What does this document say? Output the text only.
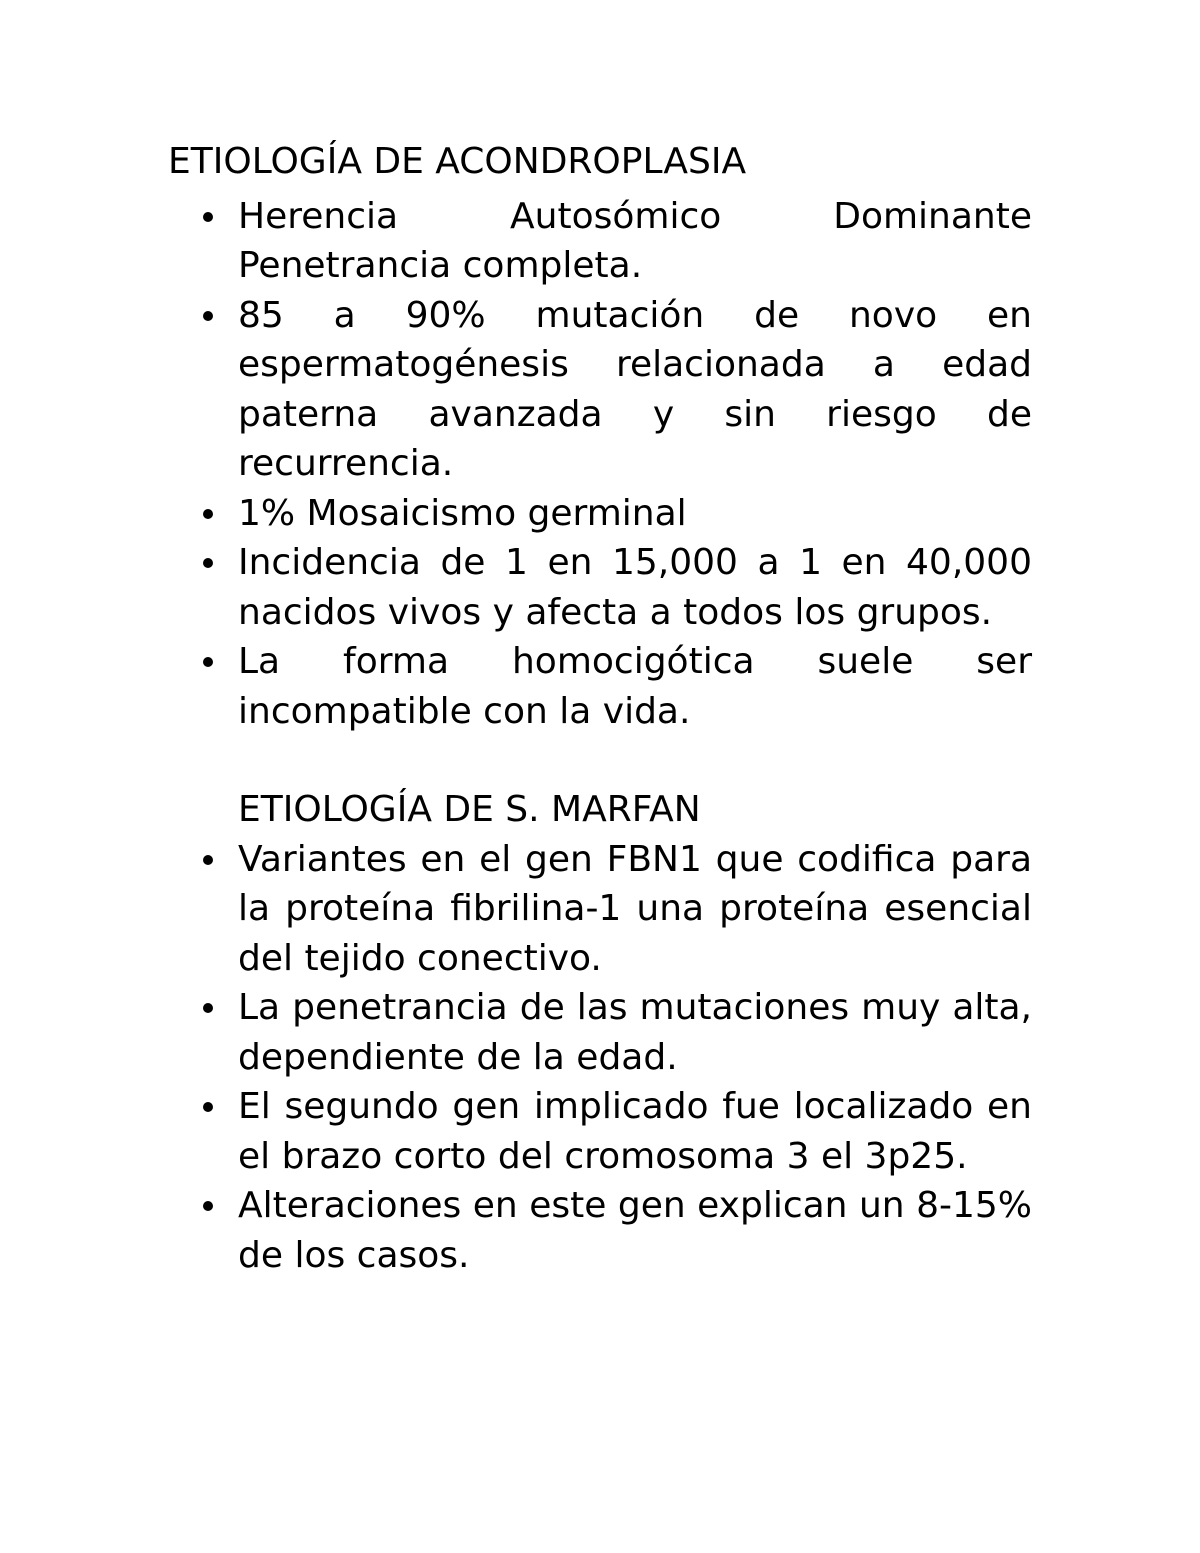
ETIOLOGÍA DE ACONDROPLASIA
Herencia Autosómico Dominante Penetrancia completa.
85 a 90% mutación de novo en espermatogénesis relacionada a edad paterna avanzada y sin riesgo de recurrencia.
1% Mosaicismo germinal
Incidencia de 1 en 15,000 a 1 en 40,000 nacidos vivos y afecta a todos los grupos.
La forma homocigótica suele ser incompatible con la vida.
ETIOLOGÍA DE S. MARFAN
Variantes en el gen FBN1 que codifica para la proteína fibrilina-1 una proteína esencial del tejido conectivo.
La penetrancia de las mutaciones muy alta, dependiente de la edad.
El segundo gen implicado fue localizado en el brazo corto del cromosoma 3 el 3p25.
Alteraciones en este gen explican un 8-15% de los casos.
